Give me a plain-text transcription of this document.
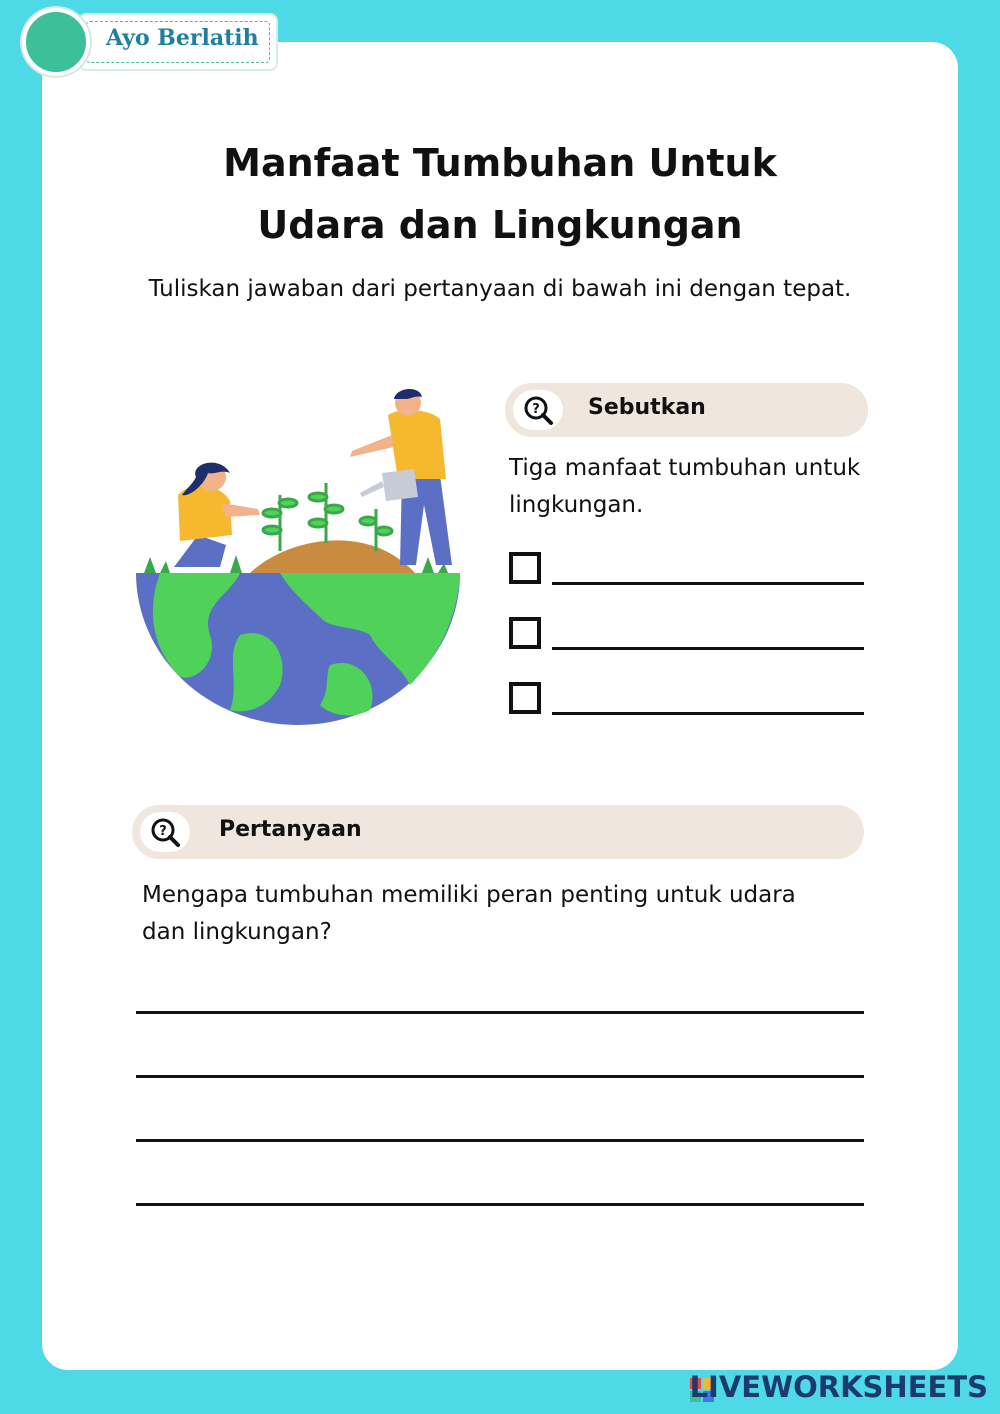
Ayo Berlatih
Manfaat Tumbuhan Untuk
Udara dan Lingkungan
Tuliskan jawaban dari pertanyaan di bawah ini dengan tepat.
? Sebutkan
Tiga manfaat tumbuhan untuk
lingkungan.
? Pertanyaan
Mengapa tumbuhan memiliki peran penting untuk udara
dan lingkungan?
LIVEWORKSHEETS
